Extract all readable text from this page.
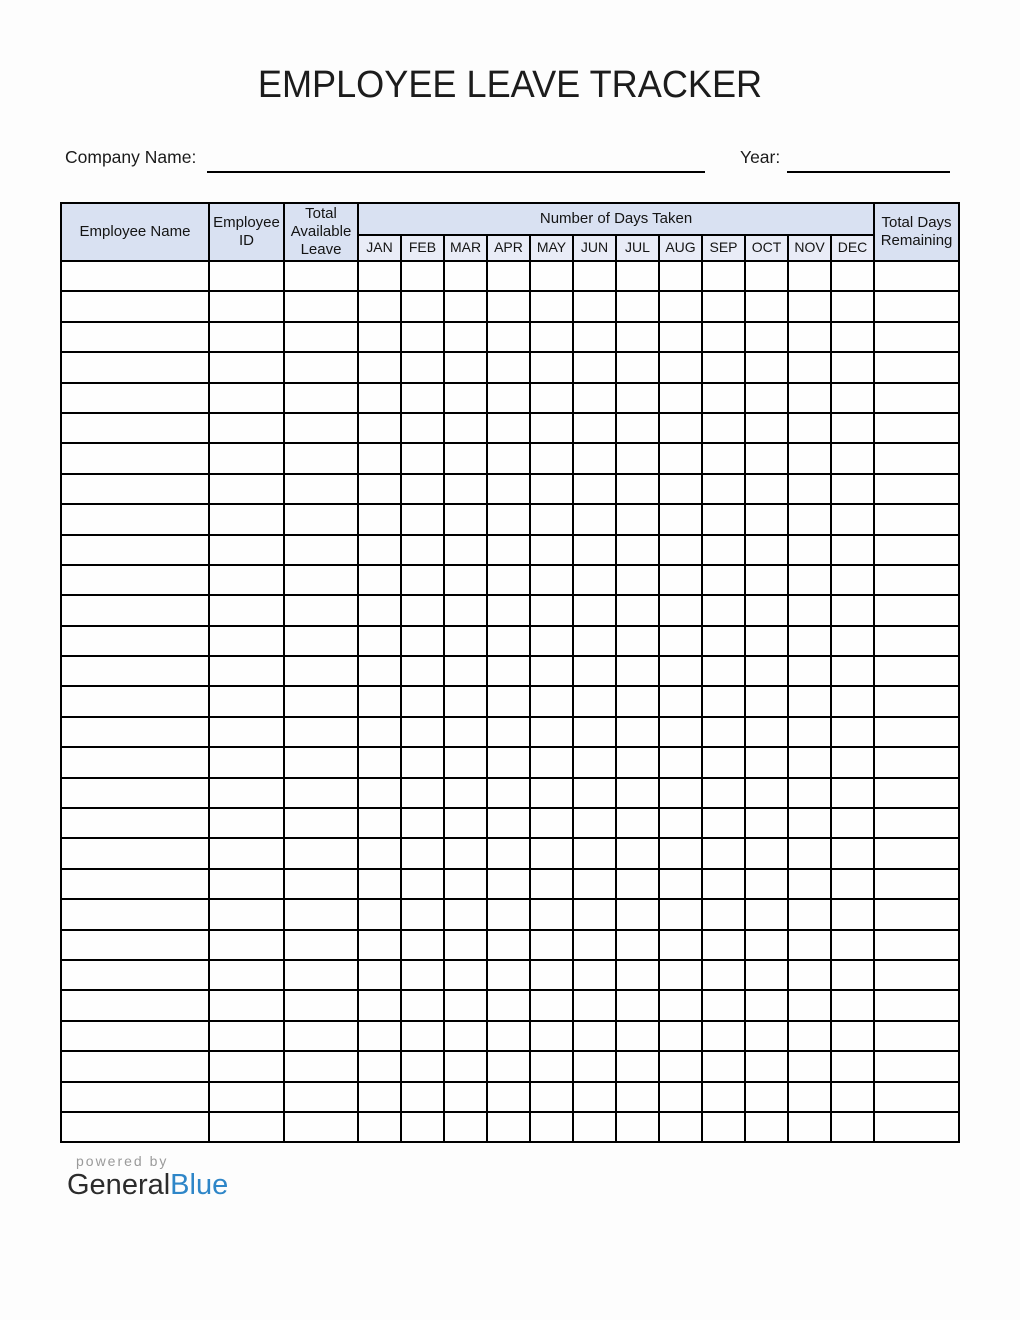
EMPLOYEE LEAVE TRACKER
Company Name:	Year:
Employee Name	Employee ID	Total Available Leave	Number of Days Taken												Total Days Remaining
			JAN	FEB	MAR	APR	MAY	JUN	JUL	AUG	SEP	OCT	NOV	DEC	

powered by
GeneralBlue
